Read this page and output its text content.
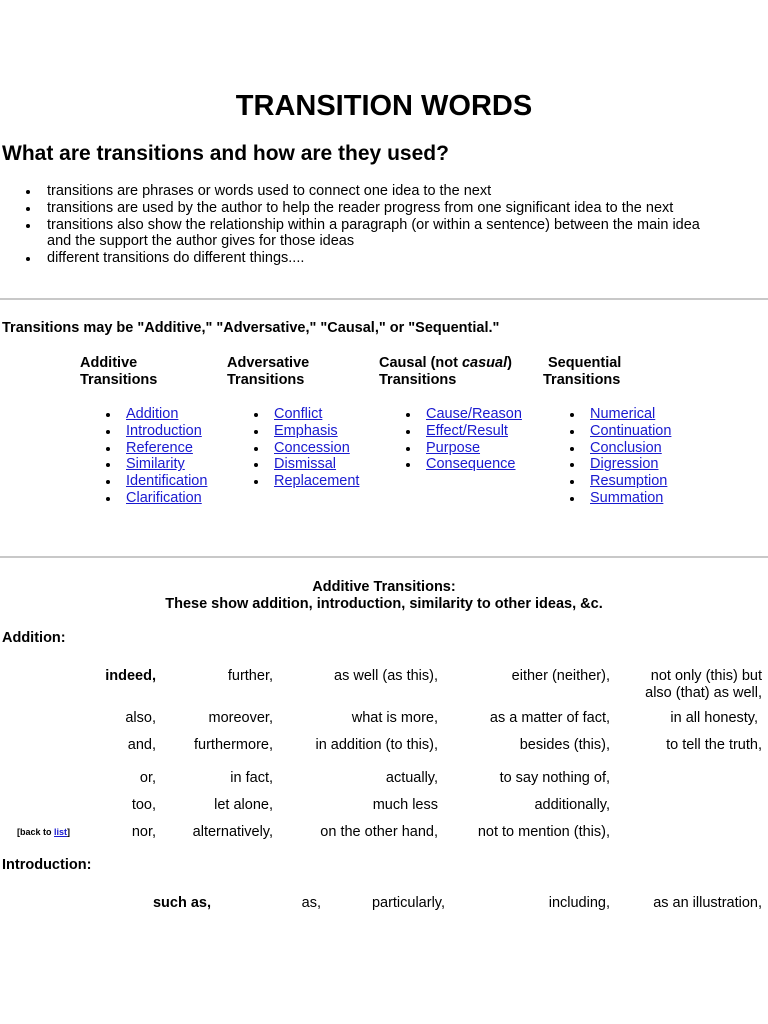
TRANSITION WORDS
What are transitions and how are they used?
transitions are phrases or words used to connect one idea to the next
transitions are used by the author to help the reader progress from one significant idea to the next
transitions also show the relationship within a paragraph (or within a sentence) between the main idea
and the support the author gives for those ideas
different transitions do different things....
Transitions may be "Additive," "Adversative," "Causal," or "Sequential."
Additive
Transitions
Adversative
Transitions
Causal (not casual)
Transitions
Sequential
Transitions
Addition
Introduction
Reference
Similarity
Identification
Clarification
Conflict
Emphasis
Concession
Dismissal
Replacement
Cause/Reason
Effect/Result
Purpose
Consequence
Numerical
Continuation
Conclusion
Digression
Resumption
Summation
Additive Transitions:
These show addition, introduction, similarity to other ideas, &c.
Addition:
indeed,	further,	as well (as this),	either (neither),	not only (this) but
also (that) as well,
also,	moreover,	what is more,	as a matter of fact,	in all honesty,
and,	furthermore,	in addition (to this),	besides (this),	to tell the truth,
or,	in fact,	actually,	to say nothing of,
too,	let alone,	much less	additionally,
nor,	alternatively,	on the other hand,	not to mention (this),
[back to list]
Introduction:
such as,	as,	particularly,	including,	as an illustration,
